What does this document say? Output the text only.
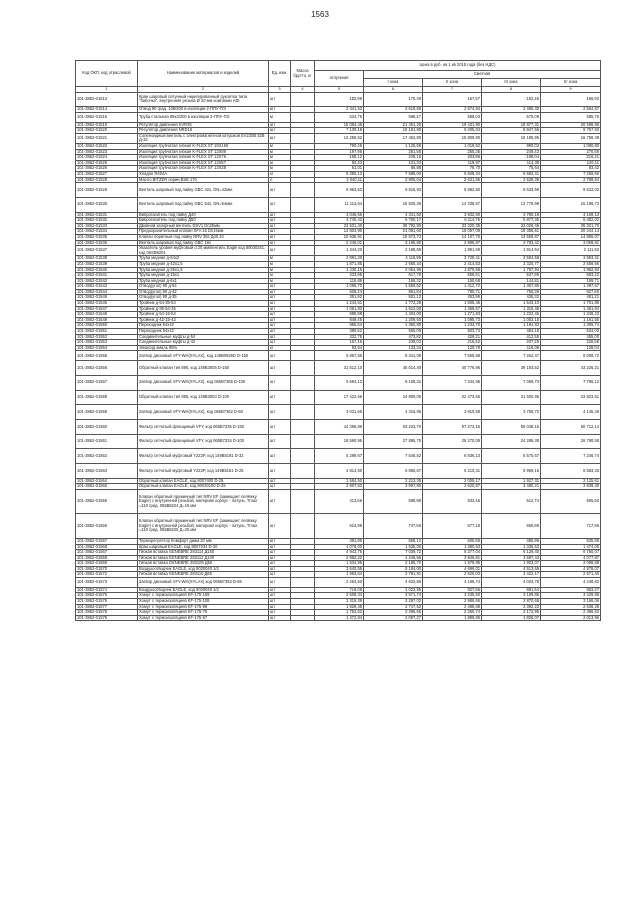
1563
Код ОКП, код отраслевой	Наименование материалов и изделий	Ед. изм.	Масса брутто, кг	Цена в руб. на 1 кв 2015 года (без НДС)				
				отпускная	Сметная			
					I зона	II зона	III зона	IV зона
1	2	3	4	5	6	7	8	9
101-3862-01513	Кран шаровый латунный никелированный рукоятка типа "бабочка", внутренняя резьба Ø 20 мм компании AlD	шт		152,99	170,49	167,57	152,46	166,93
101-3862-01514	Отвод 90 град. 108/200 в изоляции 2-ППУ-ПЭ	шт		2 341,53	2 619,68	2 574,84	2 496,30	2 564,87
101-3862-01516	Труба стальная 89x3/200 в изоляции 2-ППУ-ПЭ	м		534,75	598,27	588,03	570,09	585,75
101-3862-01519	Регулятор давления KVR35	шт		15 084,46	21 451,20	19 431,90	18 877,31	20 598,95
101-3862-01520	Регулятор давления NRD15	шт		7 130,15	10 181,80	9 205,04	8 947,56	9 757,93
101-3862-01521	Соленоидный вентиль с электромагнитной катушкой EV220B 32B Д-32	шт		12 258,52	17 452,80	15 809,80	15 195,95	16 758,49
101-3862-01522	Изоляция трубчатая гибкая K-FLEX ST 19X160	м		790,45	1 125,58	1 019,62	990,03	1 080,80
101-3862-01523	Изоляция трубчатая гибкая K-FLEX ST 13X89	м		197,96	281,58	255,35	249,43	270,66
101-3862-01524	Изоляция трубчатая гибкая K-FLEX ST 13X76	м		158,12	225,16	203,96	198,04	216,21
101-3862-01525	Изоляция трубчатая гибкая K-FLEX ST 13X57	м		92,23	131,33	118,97	114,35	126,11
101-3862-01526	Изоляция трубчатая гибкая K-FLEX ST 13X28	м		61,01	86,88	78,70	75,64	83,42
101-3862-01527	Хладон R404A	кг		5 350,13	7 585,00	6 848,34	6 582,41	7 259,66
101-3862-01528	Масло BITZER серии BSE 170	л		2 040,11	2 905,04	2 631,56	2 529,39	2 789,64
101-3862-01529	Вентиль шаровый под пайку GBC 42s, DN=42мм.	шт		6 963,63	9 915,93	8 982,50	8 633,69	9 522,02
101-3862-01530	Вентиль шаровый под пайку GBC 54s, DN=54мм.	шт		11 113,64	15 825,39	14 335,67	13 778,99	15 196,73
101-3862-01531	Виброгаситель под пайку Д40	шт		3 046,66	4 341,60	3 932,60	3 780,18	4 169,13
101-3862-01532	Виброгаситель под пайку Д50	шт		4 740,42	6 750,17	6 114,75	5 877,30	6 482,02
101-3862-01533	Двойной запорный вентиль DSV1 Dn25мм	шт		23 531,40	36 782,90	33 320,35	32 026,45	35 321,70
101-3862-01534	Предохранительный клапан SFA 15 Dn15мм	шт		14 804,90	21 081,60	19 097,09	18 355,51	20 244,14
101-3862-01535	Клапан обратный под пайку NRV 35s Д40,10	шт		10 936,91	15 573,73	14 107,70	13 559,87	14 955,07
101-3862-01536	Вентиль шаровый под пайку GBC 16s	шт		2 245,01	3 196,80	2 895,87	2 783,42	3 069,81
101-3862-01537	Указатель уровня муфтовый d 20 мм/вентиль Eagle код 80030341, код 06SB8201	шт		1 344,20	2 198,69	1 991,69	1 914,54	2 111,53
101-3862-01538	Труба медная д-54x2	м		2 891,20	4 116,96	3 729,41	3 584,58	3 953,41
101-3862-01539	Труба медная д-42x1,5	м		1 871,85	2 665,44	2 414,53	2 320,77	2 559,56
101-3862-01540	Труба медная д-35x1,5	м		1 430,15	2 064,96	1 870,58	1 797,94	1 982,93
101-3862-01541	Труба медная д-15x1	м		433,85	617,78	559,61	537,89	593,22
101-3862-01542	Труба медная д-6x1	м		116,89	166,32	150,68	144,81	159,71
101-3862-01543	Отвод(угол) 90 д-54	шт		1 095,70	1 559,52	1 412,72	1 357,86	1 497,57
101-3862-01544	Отвод(угол) 90 д-42	шт		605,24	861,84	780,71	750,39	827,60
101-3862-01545	Отвод(угол) 90 д-35	шт		351,92	501,12	453,95	436,32	481,21
101-3862-01546	Тройник д-54-35-54	шт		1 244,61	1 772,28	1 605,45	1 543,10	1 701,88
101-3862-01547	Тройник д-35-54-35	шт		1 061,83	1 512,00	1 369,67	1 316,48	1 451,94
101-3862-01548	Тройник д-54-15-54	шт		985,98	1 404,00	1 271,83	1 222,45	1 348,23
101-3862-01549	Тройник д-42-15-42	шт		849,45	1 209,60	1 095,73	1 053,18	1 161,55
101-3862-01550	Переходник 54x42	шт		955,64	1 360,80	1 232,70	1 184,83	1 306,74
101-3862-01551	Переходник 54x42	шт		390,52	556,09	503,74	484,18	534,00
101-3862-01552	Соединительные муфты д-54	шт		332,75	473,82	429,21	412,55	455,00
101-3862-01553	Соединительные муфты д-42	шт		167,16	238,03	215,62	207,25	228,58
101-3862-01554	Эпоксид эмаль 95%	кг		93,64	133,34	120,79	116,09	128,04
101-3862-01555	Затвор дисковый VFY-WH(SYLAX), код 149B0926D D-150	шт		5 857,65	8 341,08	7 555,88	7 262,47	8 009,72
101-3862-01556	Обратный клапан тип 895, код 149B3005 D-150	шт		31 612,10	45 014,40	40 776,96	39 193,52	43 226,21
101-3862-01557	Затвор дисковый VFY-WH(SYLAX), код 065B7365 D-100	шт		5 694,13	8 108,22	7 344,95	7 059,73	7 786,12
101-3862-01558	Обратный клапан тип 895, код 149B3003 D-100	шт		17 422,56	24 809,05	22 473,66	21 600,95	23 823,51
101-3862-01559	Затвор дисковый VFY-WH(SYLAX), код 065B7362 D-50	шт		3 031,65	4 316,95	3 910,58	3 758,72	4 145,46
101-3862-01560	Фильтр сетчатый фланцевый VFY, код 065B7336 D-150	шт		44 396,86	63 223,70	57 272,16	55 048,15	60 712,14
101-3862-01561	Фильтр сетчатый фланцевый VFY, код 065B7334 D-100	шт		19 590,95	27 895,75	25 270,09	24 289,38	26 788,55
101-3862-01562	Фильтр сетчатый муфтовый Y222P, код 149B5191 D-32	шт		5 299,67	7 546,52	6 836,13	6 570,67	7 246,74
101-3862-01563	Фильтр сетчатый муфтовый Y222P, код 149B5161 D-25	шт		4 814,50	6 855,67	6 210,31	5 969,15	6 583,33
101-3862-01564	Обратный клапан EAGLE, код 8007400 D-25	шт		1 584,50	2 213,35	2 005,17	1 927,31	2 125,61
101-3862-01565	Обратный клапан EAGLE, код 80030100 D-25	шт		2 807,53	3 997,80	3 620,87	3 480,21	3 838,30
101-3862-01566	Клапан обратный пружинный тип NRV EF (замещает лепёжку Eagle) с внутренней резьбой, материал корпус - латунь, Tmax =110 град. 065B8224 Д=15 мм	шт		413,66	588,99	533,46	512,74	565,50
101-3862-01566	Клапан обратный пружинный тип NRV EF (замещает лепёжку Eagle) с внутренней резьбой, материал корпус - латунь, Tmax =110 град. 065B8225 Д=20 мм	шт		524,98	747,56	677,18	650,89	717,86
101-3862-01567	Терморегулятор Комфорт диам.20 мм	шт		391,95	558,12	505,58	485,95	535,95
101-3862-01568	Кран шаровый EAGLE, код 8007034 D-20	шт		1 078,00	1 535,00	1 390,53	1 336,53	1 474,05
101-3862-01567	Гибкая вставка GENEBRE 283114 Д150	шт		4 943,76	7 039,72	6 377,04	6 129,40	6 760,07
101-3862-01568	Гибкая вставка GENEBRE 283112 Д100	шт		2 982,22	4 246,56	3 846,81	3 697,43	4 077,87
101-3862-01569	Гибкая вставка GENEBRE 283109 Д50	шт		1 534,95	2 185,70	1 979,95	1 903,07	2 098,88
101-3862-01570	Воздухоотводчик EAGLE, код 9020040 1/2	шт		3 640,55	5 184,00	4 696,01	4 513,65	4 978,07
101-3862-01572	Гибкая вставка GENEBRE 283110 Д65	шт		1 953,64	2 781,91	2 520,03	2 422,17	2 671,40
101-3862-01573	Затвор дисковый VFY-WH(SYLAX) код 065B7353 D-65	шт		3 253,50	4 632,86	4 196,74	4 033,78	4 448,82
101-3862-01574	Воздухоотводчик EAGLE, код 9020040 1/2	шт		719,08	1 023,95	927,56	891,54	983,27
101-3862-01575	Хомут с термоизоляцией KF-175-159	шт		2 508,34	3 571,74	3 235,50	3 109,86	3 429,86
101-3862-01576	Хомут с термоизоляцией KF-175-108	шт		2 315,39	3 297,02	2 986,66	2 870,68	3 166,06
101-3862-01577	Хомут с термоизоляцией KF-175-89	шт		1 929,48	2 747,52	2 488,88	2 392,23	2 638,38
101-3862-01578	Хомут с термоизоляцией KF-175-76	шт		1 752,62	2 495,66	2 260,74	2 172,95	2 396,52
101-3862-01579	Хомут с термоизоляцией KF-175-57	шт		1 472,84	2 097,27	1 899,85	1 826,07	2 013,96
